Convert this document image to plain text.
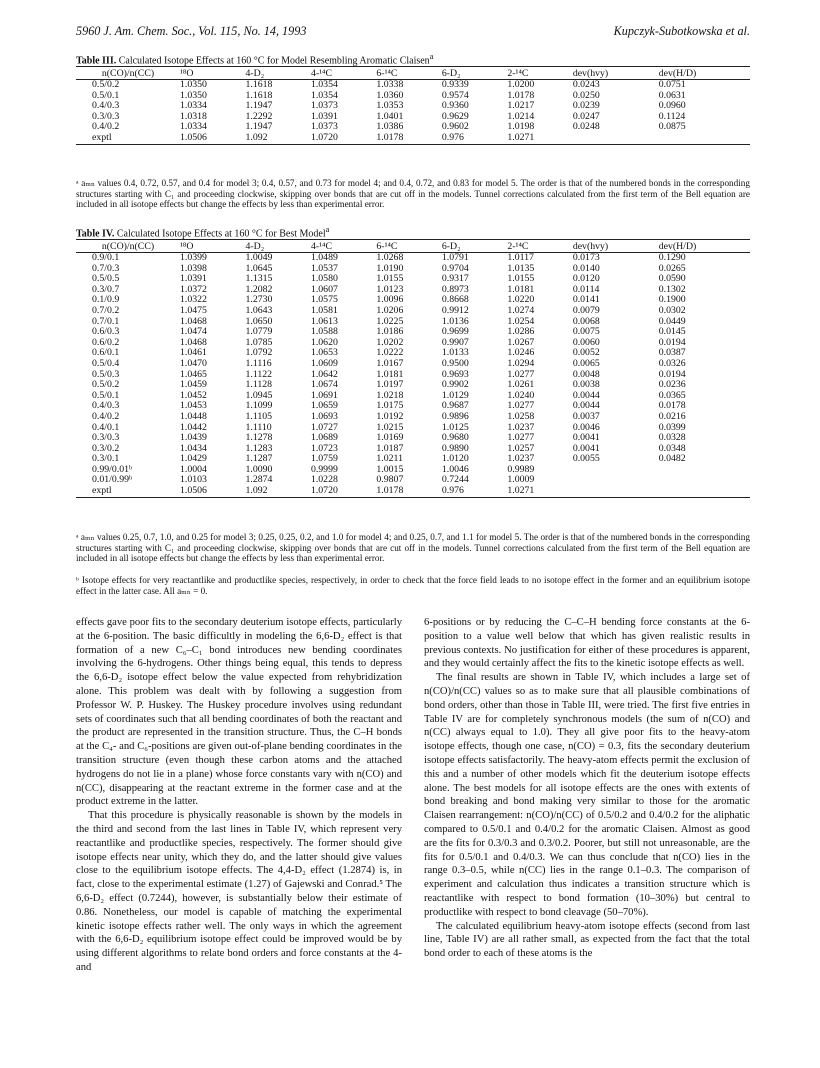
5960 J. Am. Chem. Soc., Vol. 115, No. 14, 1993	Kupczyk-Subotkowska et al.
Table III. Calculated Isotope Effects at 160 °C for Model Resembling Aromatic Claisen$^a$
n(CO)/n(CC)	¹⁸O	4-D₂	4-¹⁴C	6-¹⁴C	6-D₂	2-¹⁴C	dev(hvy)	dev(H/D)
0.5/0.2	1.0350	1.1618	1.0354	1.0338	0.9339	1.0200	0.0243	0.0751
0.5/0.1	1.0350	1.1618	1.0354	1.0360	0.9574	1.0178	0.0250	0.0631
0.4/0.3	1.0334	1.1947	1.0373	1.0353	0.9360	1.0217	0.0239	0.0960
0.3/0.3	1.0318	1.2292	1.0391	1.0401	0.9629	1.0214	0.0247	0.1124
0.4/0.2	1.0334	1.1947	1.0373	1.0386	0.9602	1.0198	0.0248	0.0875
exptl	1.0506	1.092	1.0720	1.0178	0.976	1.0271		
ᵃ aₘₙ values 0.4, 0.72, 0.57, and 0.4 for model 3; 0.4, 0.57, and 0.73 for model 4; and 0.4, 0.72, and 0.83 for model 5. The order is that of the numbered bonds in the corresponding structures starting with C₁ and proceeding clockwise, skipping over bonds that are cut off in the models. Tunnel corrections calculated from the first term of the Bell equation are included in all isotope effects but change the effects by less than experimental error.
Table IV. Calculated Isotope Effects at 160 °C for Best Model$^a$
n(CO)/n(CC)	¹⁸O	4-D₂	4-¹⁴C	6-¹⁴C	6-D₂	2-¹⁴C	dev(hvy)	dev(H/D)
0.9/0.1	1.0399	1.0049	1.0489	1.0268	1.0791	1.0117	0.0173	0.1290
0.7/0.3	1.0398	1.0645	1.0537	1.0190	0.9704	1.0135	0.0140	0.0265
0.5/0.5	1.0391	1.1315	1.0580	1.0155	0.9317	1.0155	0.0120	0.0590
0.3/0.7	1.0372	1.2082	1.0607	1.0123	0.8973	1.0181	0.0114	0.1302
0.1/0.9	1.0322	1.2730	1.0575	1.0096	0.8668	1.0220	0.0141	0.1900
0.7/0.2	1.0475	1.0643	1.0581	1.0206	0.9912	1.0274	0.0079	0.0302
0.7/0.1	1.0468	1.0650	1.0613	1.0225	1.0136	1.0254	0.0068	0.0449
0.6/0.3	1.0474	1.0779	1.0588	1.0186	0.9699	1.0286	0.0075	0.0145
0.6/0.2	1.0468	1.0785	1.0620	1.0202	0.9907	1.0267	0.0060	0.0194
0.6/0.1	1.0461	1.0792	1.0653	1.0222	1.0133	1.0246	0.0052	0.0387
0.5/0.4	1.0470	1.1116	1.0609	1.0167	0.9500	1.0294	0.0065	0.0326
0.5/0.3	1.0465	1.1122	1.0642	1.0181	0.9693	1.0277	0.0048	0.0194
0.5/0.2	1.0459	1.1128	1.0674	1.0197	0.9902	1.0261	0.0038	0.0236
0.5/0.1	1.0452	1.0945	1.0691	1.0218	1.0129	1.0240	0.0044	0.0365
0.4/0.3	1.0453	1.1099	1.0659	1.0175	0.9687	1.0277	0.0044	0.0178
0.4/0.2	1.0448	1.1105	1.0693	1.0192	0.9896	1.0258	0.0037	0.0216
0.4/0.1	1.0442	1.1110	1.0727	1.0215	1.0125	1.0237	0.0046	0.0399
0.3/0.3	1.0439	1.1278	1.0689	1.0169	0.9680	1.0277	0.0041	0.0328
0.3/0.2	1.0434	1.1283	1.0723	1.0187	0.9890	1.0257	0.0041	0.0348
0.3/0.1	1.0429	1.1287	1.0759	1.0211	1.0120	1.0237	0.0055	0.0482
0.99/0.01ᵇ	1.0004	1.0090	0.9999	1.0015	1.0046	0.9989		
0.01/0.99ᵇ	1.0103	1.2874	1.0228	0.9807	0.7244	1.0009		
exptl	1.0506	1.092	1.0720	1.0178	0.976	1.0271		
ᵃ aₘₙ values 0.25, 0.7, 1.0, and 0.25 for model 3; 0.25, 0.25, 0.2, and 1.0 for model 4; and 0.25, 0.7, and 1.1 for model 5. The order is that of the numbered bonds in the corresponding structures starting with C₁ and proceeding clockwise, skipping over bonds that are cut off in the models. Tunnel corrections calculated from the first term of the Bell equation are included in all isotope effects but change the effects by less than experimental error.
ᵇ Isotope effects for very reactantlike and productlike species, respectively, in order to check that the force field leads to no isotope effect in the former and an equilibrium isotope effect in the latter case. All aₘₙ = 0.

effects gave poor fits to the secondary deuterium isotope effects, particularly at the 6-position. The basic difficultly in modeling the 6,6-D₂ effect is that formation of a new C₆–C₁ bond introduces new bending coordinates involving the 6-hydrogens. Other things being equal, this tends to depress the 6,6-D₂ isotope effect below the value expected from rehybridization alone. This problem was dealt with by following a suggestion from Professor W. P. Huskey. The Huskey procedure involves using redundant sets of coordinates such that all bending coordinates of both the reactant and the product are represented in the transition structure. Thus, the C–H bonds at the C₄- and C₆-positions are given out-of-plane bending coordinates in the transition structure (even though these carbon atoms and the attached hydrogens do not lie in a plane) whose force constants vary with n(CO) and n(CC), disappearing at the reactant extreme in the former case and at the product extreme in the latter.

That this procedure is physically reasonable is shown by the models in the third and second from the last lines in Table IV, which represent very reactantlike and productlike species, respectively. The former should give isotope effects near unity, which they do, and the latter should give values close to the equilibrium isotope effects. The 4,4-D₂ effect (1.2874) is, in fact, close to the experimental estimate (1.27) of Gajewski and Conrad.⁵ The 6,6-D₂ effect (0.7244), however, is substantially below their estimate of 0.86. Nonetheless, our model is capable of matching the experimental kinetic isotope effects rather well. The only ways in which the agreement with the 6,6-D₂ equilibrium isotope effect could be improved would be by using different algorithms to relate bond orders and force constants at the 4- and

6-positions or by reducing the C–C–H bending force constants at the 6-position to a value well below that which has given realistic results in previous contexts. No justification for either of these procedures is apparent, and they would certainly affect the fits to the kinetic isotope effects as well.

The final results are shown in Table IV, which includes a large set of n(CO)/n(CC) values so as to make sure that all plausible combinations of bond orders, other than those in Table III, were tried. The first five entries in Table IV are for completely synchronous models (the sum of n(CO) and n(CC) always equal to 1.0). They all give poor fits to the heavy-atom isotope effects, though one case, n(CO) = 0.3, fits the secondary deuterium isotope effects satisfactorily. The heavy-atom effects permit the exclusion of this and a number of other models which fit the deuterium isotope effects alone. The best models for all isotope effects are the ones with extents of bond breaking and bond making very similar to those for the aromatic Claisen rearrangement: n(CO)/n(CC) of 0.5/0.2 and 0.4/0.2 for the aliphatic compared to 0.5/0.1 and 0.4/0.2 for the aromatic Claisen. Almost as good are the fits for 0.3/0.3 and 0.3/0.2. Poorer, but still not unreasonable, are the fits for 0.5/0.1 and 0.4/0.3. We can thus conclude that n(CO) lies in the range 0.3–0.5, while n(CC) lies in the range 0.1–0.3. The comparison of experiment and calculation thus indicates a transition structure which is reactantlike with respect to bond formation (10–30%) but central to productlike with respect to bond cleavage (50–70%).

The calculated equilibrium heavy-atom isotope effects (second from last line, Table IV) are all rather small, as expected from the fact that the total bond order to each of these atoms is the
